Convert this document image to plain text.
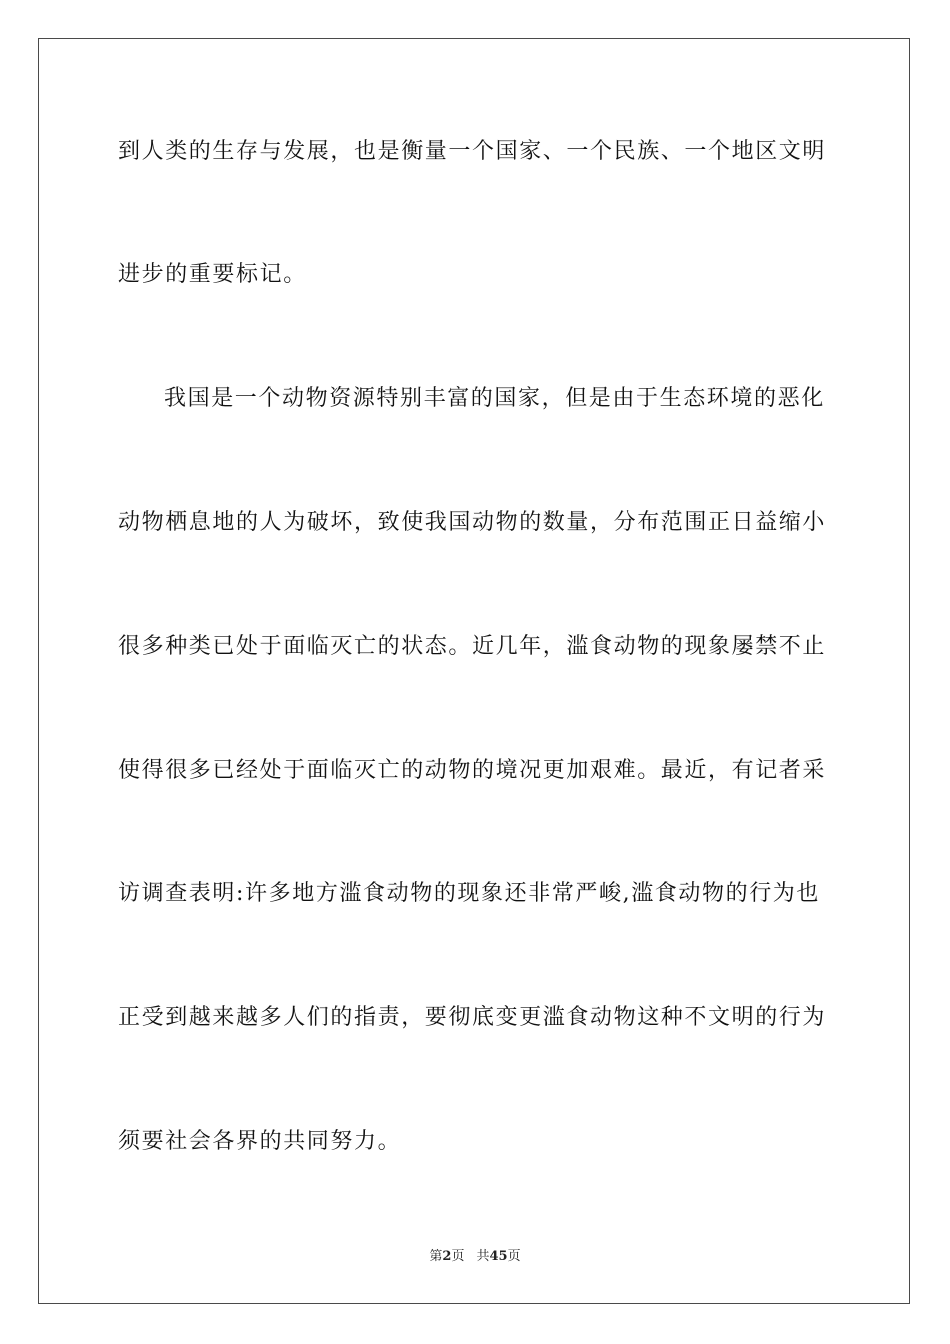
到人类的生存与发展，也是衡量一个国家、一个民族、一个地区文明
进步的重要标记。
我国是一个动物资源特别丰富的国家，但是由于生态环境的恶化
动物栖息地的人为破坏，致使我国动物的数量，分布范围正日益缩小
很多种类已处于面临灭亡的状态。近几年，滥食动物的现象屡禁不止
使得很多已经处于面临灭亡的动物的境况更加艰难。最近，有记者采
访调查表明:许多地方滥食动物的现象还非常严峻,滥食动物的行为也
正受到越来越多人们的指责，要彻底变更滥食动物这种不文明的行为
须要社会各界的共同努力。
第2页 共45页
